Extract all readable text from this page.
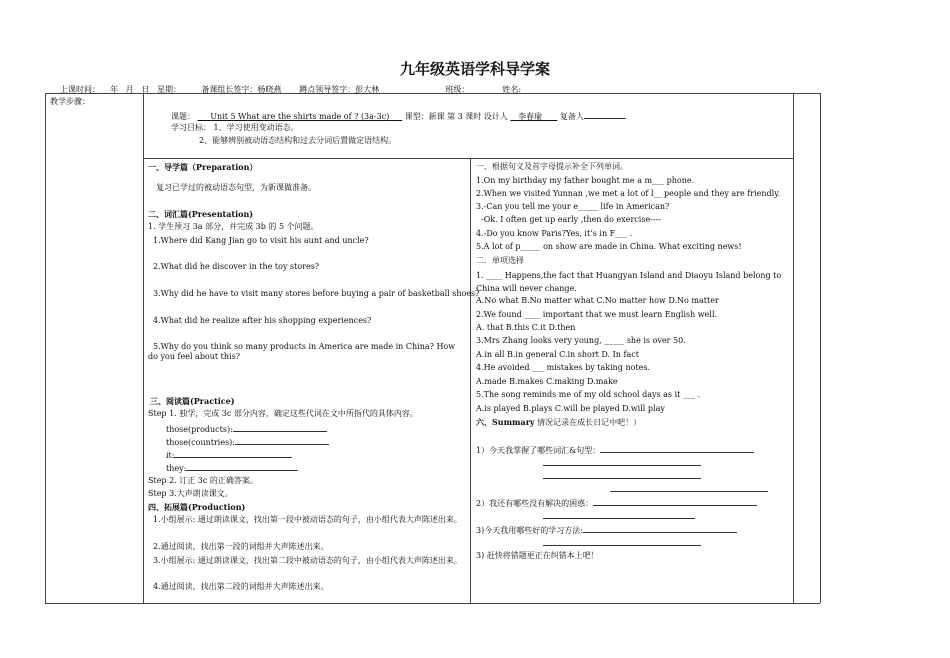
九年级英语学科导学案
上课时间：    年   月   日   星期：        备课组长签字：杨晓燕       蹲点领导签字：彭大林                          班级：             姓名:
教学步骤：
课题： Unit 5 What are the shirts made of ? (3a-3c) 课型：新课 第 3 课时 设计人 李春瑜 复备人
学习目标： 1、学习使用变动语态。
2、能够辨别被动语态结构和过去分词后置做定语结构。
一、导学篇（Preparation）
复习已学过的被动语态句型，为新课做准备。
二、词汇篇(Presentation)
1. 学生预习 3a 部分，并完成 3b 的 5 个问题。
1.Where did Kang Jian go to visit his aunt and uncle?
2.What did he discover in the toy stores?
3.Why did he have to visit many stores before buying a pair of basketball shoes?
4.What did he realize after his shopping experiences?
5.Why do you think so many products in America are made in China? How do you feel about this?
三、阅读篇(Practice)
Step 1. 独学，完成 3c 部分内容，确定这些代词在文中所指代的具体内容。
those(products):
those(countries):
it:
they:
Step 2. 订正 3c 的正确答案。
Step 3.大声朗读课文。
四、拓展篇(Production)
1.小组展示: 通过朗读课文，找出第一段中被动语态的句子，由小组代表大声陈述出来。
2.通过阅读，找出第一段的词组并大声陈述出来。
3.小组展示: 通过朗读课文，找出第二段中被动语态的句子，由小组代表大声陈述出来。
4.通过阅读，找出第二段的词组并大声陈述出来。
一、根据句义及首字母提示补全下列单词。
1.On my birthday my father bought me a m___ phone.
2.When we visited Yunnan ,we met a lot of l__ people and they are friendly.
3.-Can you tell me your e_____ life in American?
-Ok. I often get up early ,then do exercise----
4.-Do you know Paris?Yes, it’s in F___ .
5.A lot of p_____ on show are made in China. What exciting news!
二．单项选择
1. ____ Happens,the fact that Huangyan Island and Diaoyu Island belong to China will never change.
A.No what B.No matter what C.No matter how D.No matter
2.We found ____ important that we must learn English well.
A. that B.this C.it D.then
3.Mrs Zhang looks very young, _____ she is over 50.
A.in all B.in general C.in short D. In fact
4.He avoided ___ mistakes by taking notes.
A.made B.makes C.making D.make
5.The song reminds me of my old school days as it ___ .
A.is played B.plays C.will be played D.will play
六、Summary 情况记录在成长日记中吧！）
1）今天我掌握了哪些词汇&句型：
2）我还有哪些没有解决的困惑：
3)今天我用哪些好的学习方法:
3) 赶快将错题更正在纠错本上吧！
